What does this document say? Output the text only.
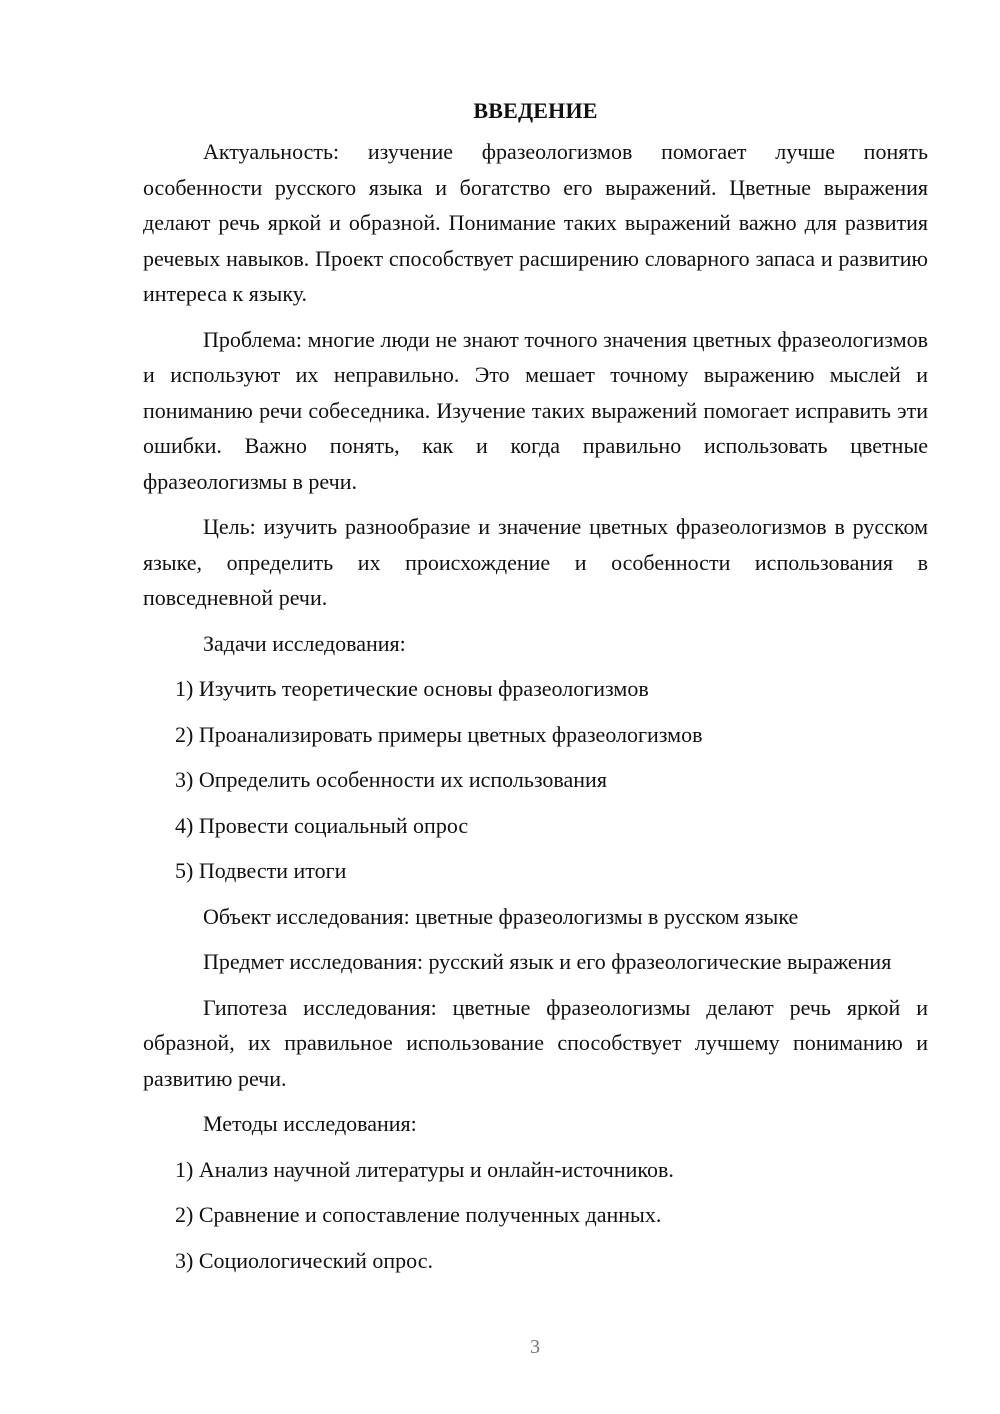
ВВЕДЕНИЕ

Актуальность: изучение фразеологизмов помогает лучше понять особенности русского языка и богатство его выражений. Цветные выражения делают речь яркой и образной. Понимание таких выражений важно для развития речевых навыков. Проект способствует расширению словарного запаса и развитию интереса к языку.

Проблема: многие люди не знают точного значения цветных фразеологизмов и используют их неправильно. Это мешает точному выражению мыслей и пониманию речи собеседника. Изучение таких выражений помогает исправить эти ошибки. Важно понять, как и когда правильно использовать цветные фразеологизмы в речи.

Цель: изучить разнообразие и значение цветных фразеологизмов в русском языке, определить их происхождение и особенности использования в повседневной речи.

Задачи исследования:
1) Изучить теоретические основы фразеологизмов
2) Проанализировать примеры цветных фразеологизмов
3) Определить особенности их использования
4) Провести социальный опрос
5) Подвести итоги
Объект исследования: цветные фразеологизмы в русском языке

Предмет исследования: русский язык и его фразеологические выражения

Гипотеза исследования: цветные фразеологизмы делают речь яркой и образной, их правильное использование способствует лучшему пониманию и развитию речи.

Методы исследования:
1) Анализ научной литературы и онлайн-источников.
2) Сравнение и сопоставление полученных данных.
3) Социологический опрос.
3
